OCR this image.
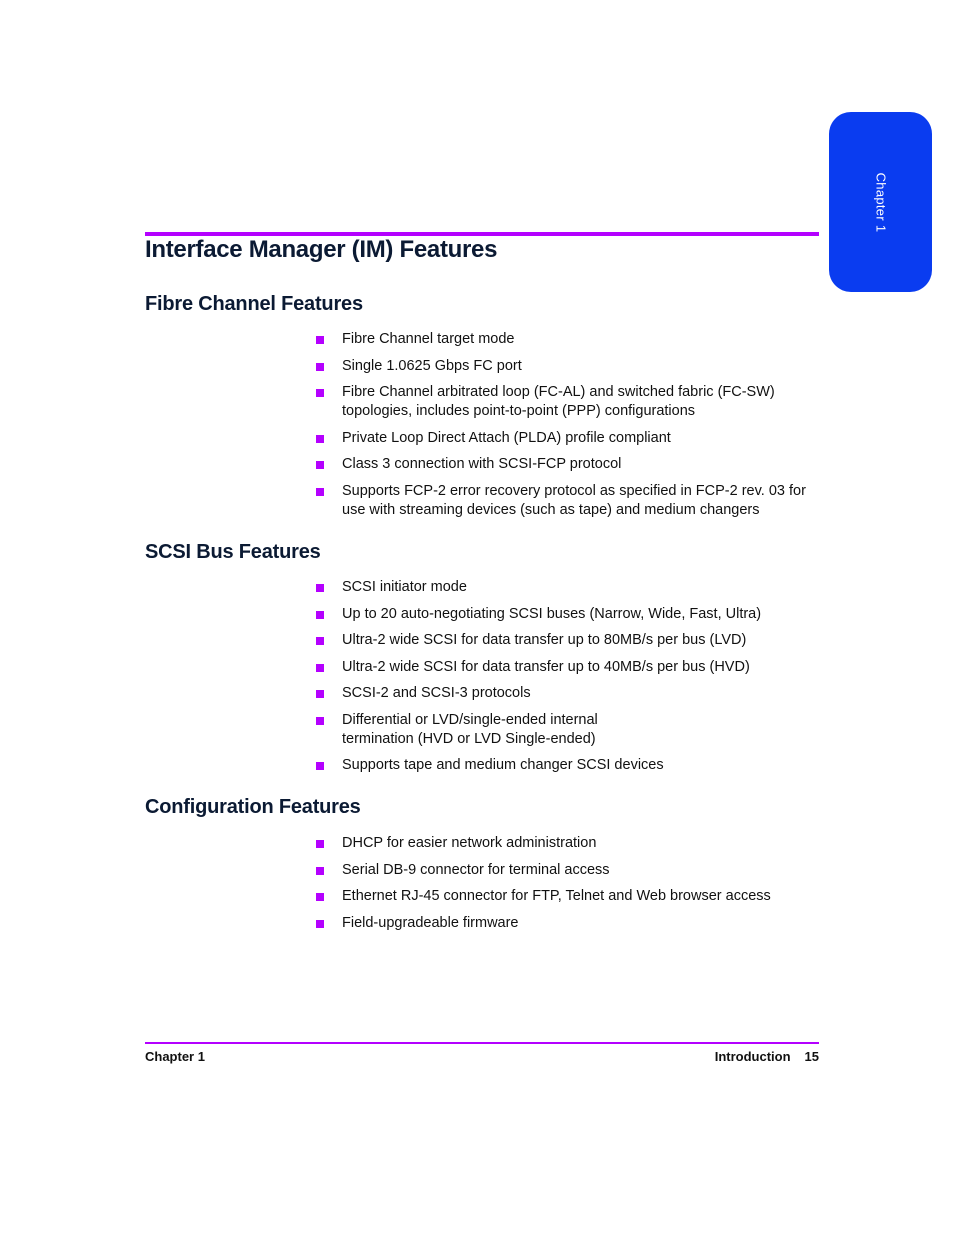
Chapter 1
Interface Manager (IM) Features
Fibre Channel Features
Fibre Channel target mode
Single 1.0625 Gbps FC port
Fibre Channel arbitrated loop (FC-AL) and switched fabric (FC-SW) topologies, includes point-to-point (PPP) configurations
Private Loop Direct Attach (PLDA) profile compliant
Class 3 connection with SCSI-FCP protocol
Supports FCP-2 error recovery protocol as specified in FCP-2 rev. 03 for use with streaming devices (such as tape) and medium changers
SCSI Bus Features
SCSI initiator mode
Up to 20 auto-negotiating SCSI buses (Narrow, Wide, Fast, Ultra)
Ultra-2 wide SCSI for data transfer up to 80MB/s per bus (LVD)
Ultra-2 wide SCSI for data transfer up to 40MB/s per bus (HVD)
SCSI-2 and SCSI-3 protocols
Differential or LVD/single-ended internal termination (HVD or LVD Single-ended)
Supports tape and medium changer SCSI devices
Configuration Features
DHCP for easier network administration
Serial DB-9 connector for terminal access
Ethernet RJ-45 connector for FTP, Telnet and Web browser access
Field-upgradeable firmware
Chapter 1	Introduction 15
